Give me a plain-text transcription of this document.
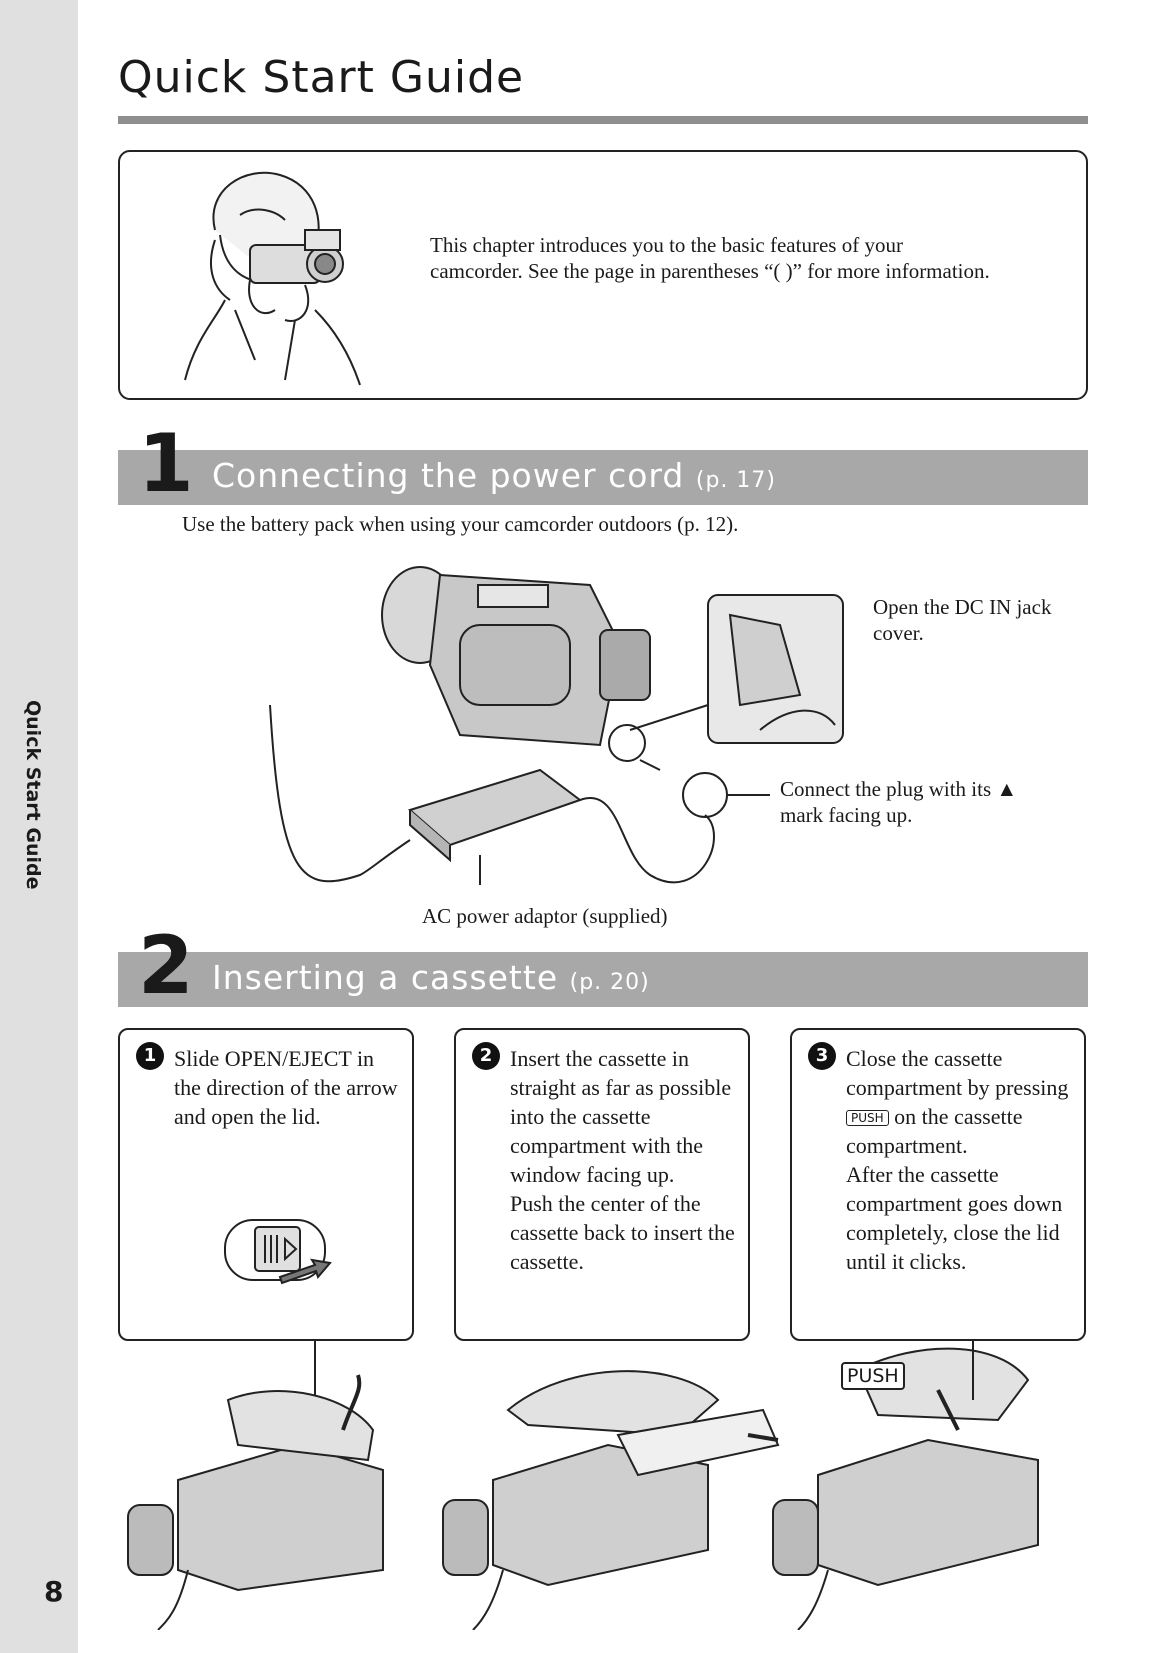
Quick Start Guide
8
Quick Start Guide
This chapter introduces you to the basic features of your camcorder. See the page in parentheses “( )” for more information.
1 Connecting the power cord (p. 17)
Use the battery pack when using your camcorder outdoors (p. 12).
Open the DC IN jack cover.
Connect the plug with its ▲ mark facing up.
AC power adaptor (supplied)
2 Inserting a cassette (p. 20)
1 Slide OPEN/EJECT in the direction of the arrow and open the lid.
2 Insert the cassette in straight as far as possible into the cassette compartment with the window facing up.
Push the center of the cassette back to insert the cassette.
3 Close the cassette compartment by pressing PUSH on the cassette compartment.
After the cassette compartment goes down completely, close the lid until it clicks.
PUSH
